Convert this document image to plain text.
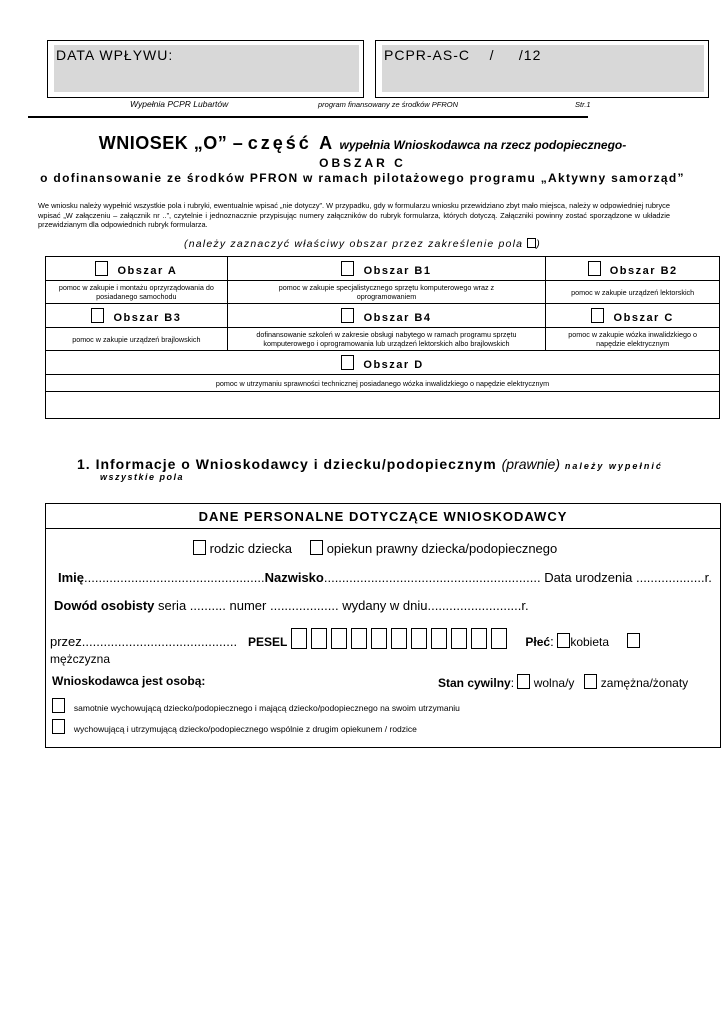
DATA WPŁYWU:	PCPR-AS-C    /     /12
Wypełnia PCPR Lubartów	program finansowany ze środków PFRON	Str.1
WNIOSEK „O” – część A wypełnia Wnioskodawca na rzecz podopiecznego-
OBSZAR C
o dofinansowanie ze środków PFRON w ramach pilotażowego programu „Aktywny samorząd”
We wniosku należy wypełnić wszystkie pola i rubryki, ewentualnie wpisać „nie dotyczy”. W przypadku, gdy w formularzu wniosku przewidziano zbyt mało miejsca, należy w odpowiedniej rubryce wpisać „W załączeniu – załącznik nr ..”, czytelnie i jednoznacznie przypisując numery załączników do rubryk formularza, których dotyczą. Załączniki powinny zostać sporządzone w układzie przewidzianym dla odpowiednich rubryk formularza.
(należy zaznaczyć właściwy obszar przez zakreślenie pola )
Obszar A	Obszar B1	Obszar B2
pomoc w zakupie i montażu oprzyrządowania do posiadanego samochodu	pomoc w zakupie specjalistycznego sprzętu komputerowego wraz z oprogramowaniem	pomoc w zakupie urządzeń lektorskich
Obszar B3	Obszar B4	Obszar C
pomoc w zakupie urządzeń brajlowskich	dofinansowanie szkoleń w zakresie obsługi nabytego w ramach programu sprzętu komputerowego i oprogramowania lub urządzeń lektorskich albo brajlowskich	pomoc w zakupie wózka inwalidzkiego o napędzie elektrycznym
Obszar D		
pomoc w utrzymaniu sprawności technicznej posiadanego wózka inwalidzkiego o napędzie elektrycznym		

1. Informacje o Wnioskodawcy i dziecku/podopiecznym (prawnie) należy wypełnić
wszystkie pola
DANE PERSONALNE DOTYCZĄCE WNIOSKODAWCY
rodzic dziecka	opiekun prawny dziecka/podopiecznego
Imię..................................................Nazwisko............................................................ Data urodzenia ...................r.
Dowód osobisty seria .......... numer ................... wydany w dniu..........................r.
przez........................................... PESEL	Płeć: kobieta
mężczyzna
Wnioskodawca jest osobą:	Stan cywilny:  wolna/y zamężna/żonaty
samotnie wychowującą dziecko/podopiecznego i mającą dziecko/podopiecznego na swoim utrzymaniu
wychowującą i utrzymującą dziecko/podopiecznego wspólnie z drugim opiekunem / rodzice
